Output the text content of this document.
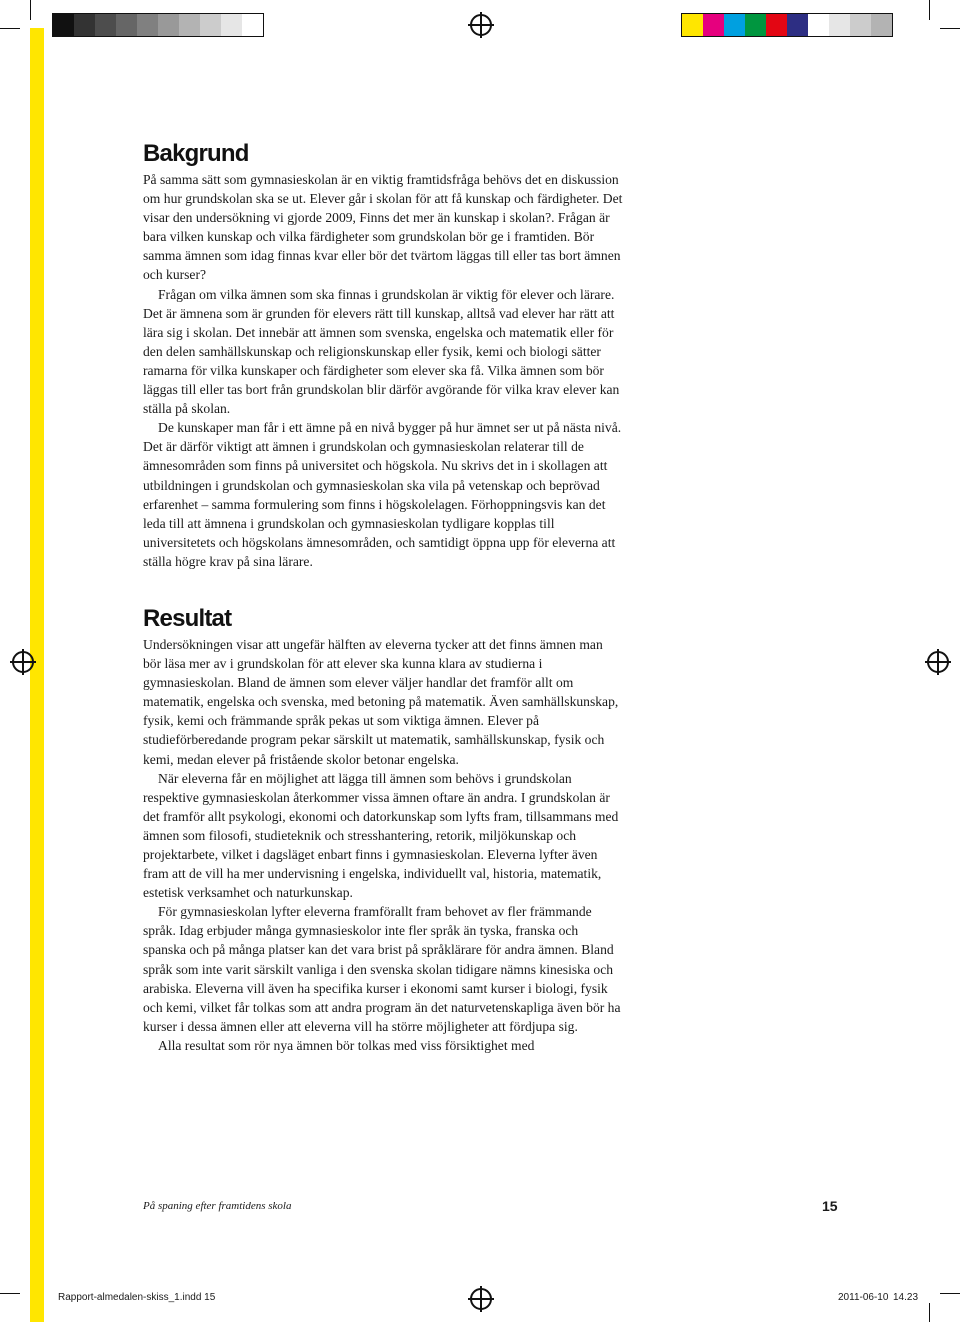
Bakgrund

På samma sätt som gymnasieskolan är en viktig framtidsfråga behövs det en diskussion om hur grundskolan ska se ut. Elever går i skolan för att få kunskap och färdigheter. Det visar den undersökning vi gjorde 2009, Finns det mer än kunskap i skolan?. Frågan är bara vilken kunskap och vilka färdigheter som grundskolan bör ge i framtiden. Bör samma ämnen som idag finnas kvar eller bör det tvärtom läggas till eller tas bort ämnen och kurser?

Frågan om vilka ämnen som ska finnas i grundskolan är viktig för elever och lärare. Det är ämnena som är grunden för elevers rätt till kunskap, alltså vad elever har rätt att lära sig i skolan. Det innebär att ämnen som svenska, engelska och matematik eller för den delen samhällskunskap och religionskunskap eller fysik, kemi och biologi sätter ramarna för vilka kunskaper och färdigheter som elever ska få. Vilka ämnen som bör läggas till eller tas bort från grundskolan blir därför avgörande för vilka krav elever kan ställa på skolan.

De kunskaper man får i ett ämne på en nivå bygger på hur ämnet ser ut på nästa nivå. Det är därför viktigt att ämnen i grundskolan och gymnasieskolan relaterar till de ämnesområden som finns på universitet och högskola. Nu skrivs det in i skollagen att utbildningen i grundskolan och gymnasieskolan ska vila på vetenskap och beprövad erfarenhet – samma formulering som finns i högskolelagen. Förhoppningsvis kan det leda till att ämnena i grundskolan och gymnasieskolan tydligare kopplas till universitetets och högskolans ämnesområden, och samtidigt öppna upp för eleverna att ställa högre krav på sina lärare.

Resultat

Undersökningen visar att ungefär hälften av eleverna tycker att det finns ämnen man bör läsa mer av i grundskolan för att elever ska kunna klara av studierna i gymnasieskolan. Bland de ämnen som elever väljer handlar det framför allt om matematik, engelska och svenska, med betoning på matematik. Även samhällskunskap, fysik, kemi och främmande språk pekas ut som viktiga ämnen. Elever på studieförberedande program pekar särskilt ut matematik, samhällskunskap, fysik och kemi, medan elever på fristående skolor betonar engelska.

När eleverna får en möjlighet att lägga till ämnen som behövs i grundskolan respektive gymnasieskolan återkommer vissa ämnen oftare än andra. I grundskolan är det framför allt psykologi, ekonomi och datorkunskap som lyfts fram, tillsammans med ämnen som filosofi, studieteknik och stresshantering, retorik, miljökunskap och projektarbete, vilket i dagsläget enbart finns i gymnasieskolan. Eleverna lyfter även fram att de vill ha mer undervisning i engelska, individuellt val, historia, matematik, estetisk verksamhet och naturkunskap.

För gymnasieskolan lyfter eleverna framförallt fram behovet av fler främmande språk. Idag erbjuder många gymnasieskolor inte fler språk än tyska, franska och spanska och på många platser kan det vara brist på språklärare för andra ämnen. Bland språk som inte varit särskilt vanliga i den svenska skolan tidigare nämns kinesiska och arabiska. Eleverna vill även ha specifika kurser i ekonomi samt kurser i biologi, fysik och kemi, vilket får tolkas som att andra program än det naturvetenskapliga även bör ha kurser i dessa ämnen eller att eleverna vill ha större möjligheter att fördjupa sig.

Alla resultat som rör nya ämnen bör tolkas med viss försiktighet med

På spaning efter framtidens skola	15
Rapport-almedalen-skiss_1.indd 15	2011-06-10 14.23
